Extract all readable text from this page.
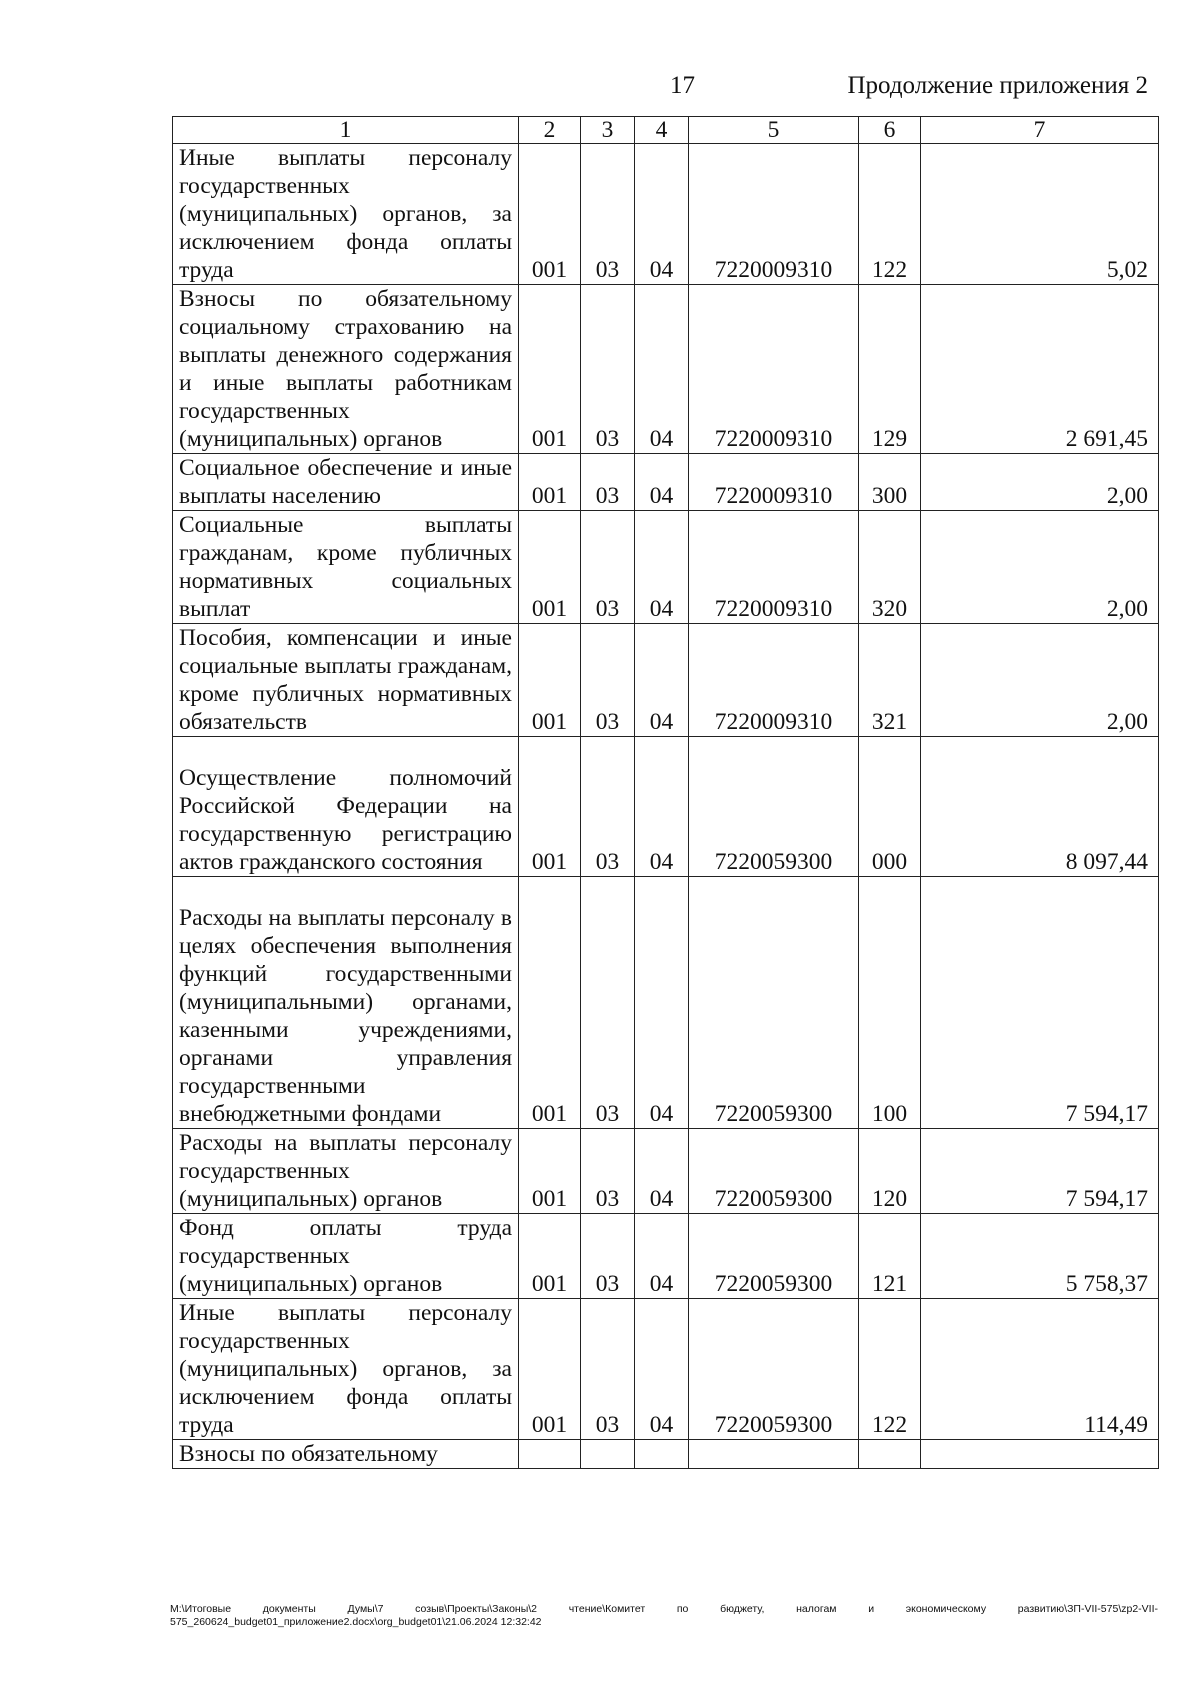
17	Продолжение приложения 2
1	2	3	4	5	6	7
Иные выплаты персоналу государственных (муниципальных) органов, за исключением фонда оплаты труда	001	03	04	7220009310	122	5,02
Взносы по обязательному социальному страхованию на выплаты денежного содержания и иные выплаты работникам государственных (муниципальных) органов	001	03	04	7220009310	129	2 691,45
Социальное обеспечение и иные выплаты населению	001	03	04	7220009310	300	2,00
Социальные выплаты гражданам, кроме публичных нормативных социальных выплат	001	03	04	7220009310	320	2,00
Пособия, компенсации и иные социальные выплаты гражданам, кроме публичных нормативных обязательств	001	03	04	7220009310	321	2,00
Осуществление полномочий Российской Федерации на государственную регистрацию актов гражданского состояния	001	03	04	7220059300	000	8 097,44
Расходы на выплаты персоналу в целях обеспечения выполнения функций государственными (муниципальными) органами, казенными учреждениями, органами управления государственными внебюджетными фондами	001	03	04	7220059300	100	7 594,17
Расходы на выплаты персоналу государственных (муниципальных) органов	001	03	04	7220059300	120	7 594,17
Фонд оплаты труда государственных (муниципальных) органов	001	03	04	7220059300	121	5 758,37
Иные выплаты персоналу государственных (муниципальных) органов, за исключением фонда оплаты труда	001	03	04	7220059300	122	114,49
Взносы по обязательному						
M:\Итоговые документы Думы\7 созыв\Проекты\Законы\2 чтение\Комитет по бюджету, налогам и экономическому развитию\ЗП-VII-575\zp2-VII-575_260624_budget01_приложение2.docx\org_budget01\21.06.2024 12:32:42
